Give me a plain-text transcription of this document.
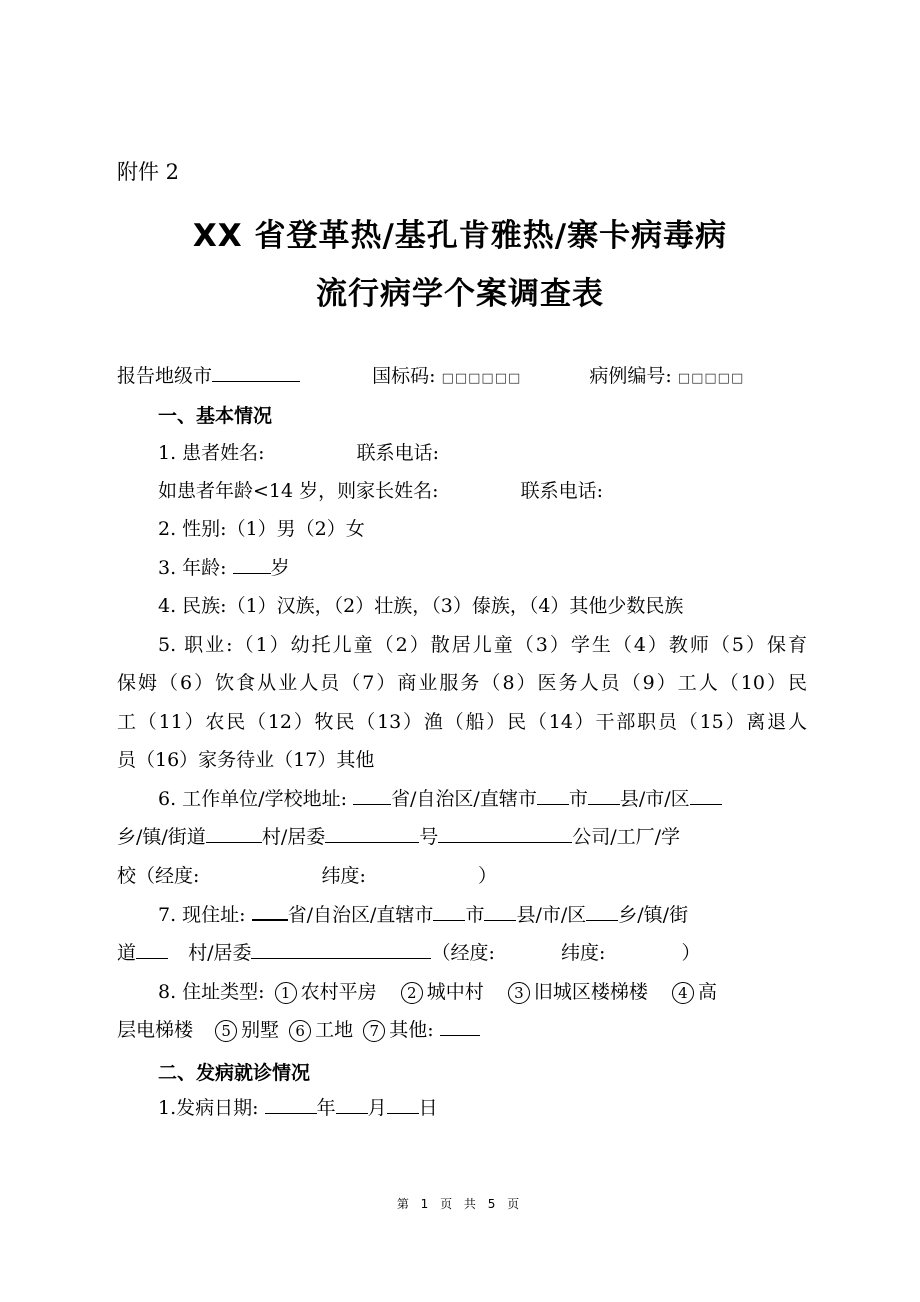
附件 2
XX 省登革热/基孔肯雅热/寨卡病毒病
流行病学个案调查表
报告地级市	国标码: □□□□□□	病例编号: □□□□□
一、基本情况
1. 患者姓名:	联系电话:
如患者年龄<14 岁，则家长姓名:	联系电话:
2. 性别:（1）男（2）女
3. 年龄: 岁
4. 民族:（1）汉族，（2）壮族，（3）傣族，（4）其他少数民族
5. 职业:（1）幼托儿童（2）散居儿童（3）学生（4）教师（5）保育
保姆（6）饮食从业人员（7）商业服务（8）医务人员（9）工人（10）民
工（11）农民（12）牧民（13）渔（船）民（14）干部职员（15）离退人
员（16）家务待业（17）其他
6. 工作单位/学校地址: 省/自治区/直辖市 市 县/市/区
乡/镇/街道	村/居委	号	公司/工厂/学
校（经度:	纬度:	）
7. 现住址: 省/自治区/直辖市 市 县/市/区 乡/镇/街
道	村/居委	（经度:	纬度:	）
8. 住址类型: 1 农村平房 2 城中村 3 旧城区楼梯楼 4 高
层电梯楼 5 别墅 6 工地 7 其他:
二、发病就诊情况
1.发病日期:	年 月 日
第 1 页 共 5 页
